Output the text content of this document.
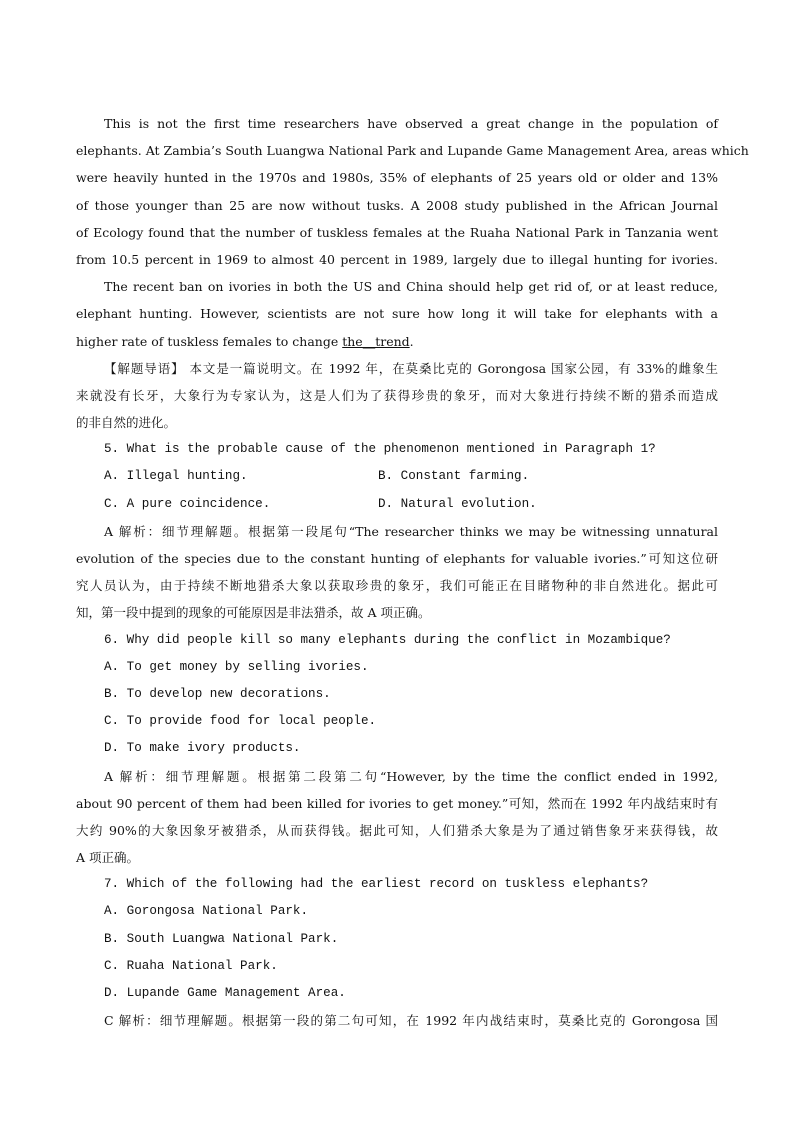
This is not the first time researchers have observed a great change in the population of
elephants. At Zambia’s South Luangwa National Park and Lupande Game Management Area, areas which
were heavily hunted in the 1970s and 1980s, 35% of elephants of 25 years old or older and 13%
of those younger than 25 are now without tusks. A 2008 study published in the African Journal
of Ecology found that the number of tuskless females at the Ruaha National Park in Tanzania went
from 10.5 percent in 1969 to almost 40 percent in 1989, largely due to illegal hunting for ivories.
The recent ban on ivories in both the US and China should help get rid of, or at least reduce,
elephant hunting. However, scientists are not sure how long it will take for elephants with a
higher rate of tuskless females to change the__trend.
【解题导语】 本文是一篇说明文。在 1992 年，在莫桑比克的 Gorongosa 国家公园，有 33%的雌象生
来就没有长牙，大象行为专家认为，这是人们为了获得珍贵的象牙，而对大象进行持续不断的猎杀而造成
的非自然的进化。
5. What is the probable cause of the phenomenon mentioned in Paragraph 1?
A. Illegal hunting.	B. Constant farming.
C. A pure coincidence.	D. Natural evolution.
A 解析：细节理解题。根据第一段尾句“The researcher thinks we may be witnessing unnatural
evolution of the species due to the constant hunting of elephants for valuable ivories.”可知这位研
究人员认为，由于持续不断地猎杀大象以获取珍贵的象牙，我们可能正在目睹物种的非自然进化。据此可
知，第一段中提到的现象的可能原因是非法猎杀，故 A 项正确。
6. Why did people kill so many elephants during the conflict in Mozambique?
A. To get money by selling ivories.
B. To develop new decorations.
C. To provide food for local people.
D. To make ivory products.
A 解析：细节理解题。根据第二段第二句“However, by the time the conflict ended in 1992,
about 90 percent of them had been killed for ivories to get money.”可知，然而在 1992 年内战结束时有
大约 90%的大象因象牙被猎杀，从而获得钱。据此可知，人们猎杀大象是为了通过销售象牙来获得钱，故
A 项正确。
7. Which of the following had the earliest record on tuskless elephants?
A. Gorongosa National Park.
B. South Luangwa National Park.
C. Ruaha National Park.
D. Lupande Game Management Area.
C 解析：细节理解题。根据第一段的第二句可知，在 1992 年内战结束时，莫桑比克的 Gorongosa 国
